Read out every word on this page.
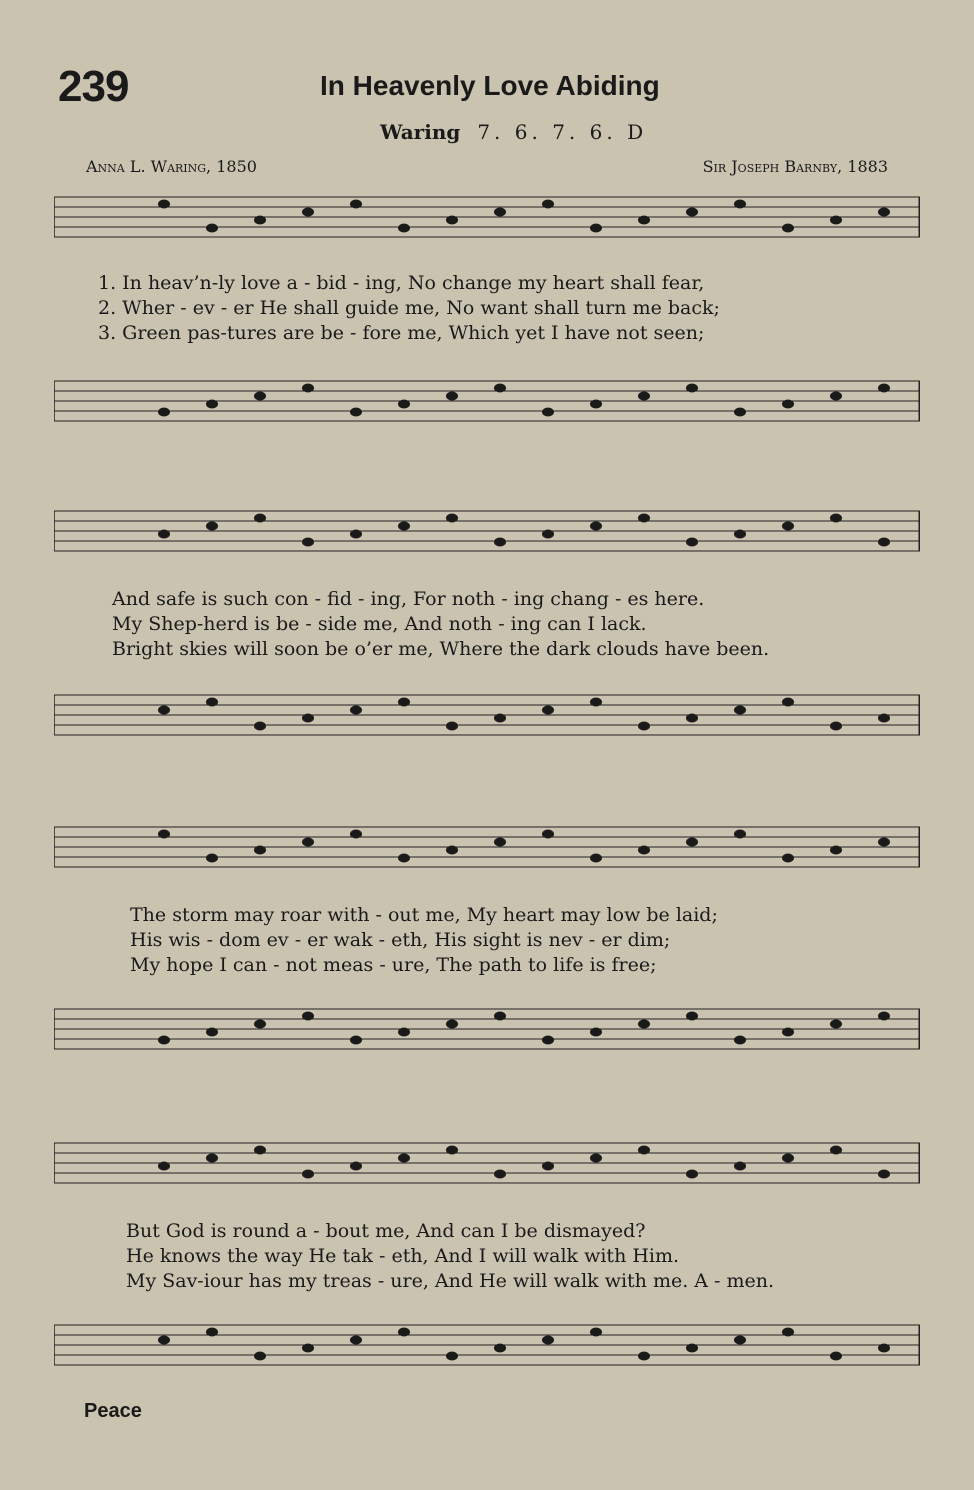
239	In Heavenly Love Abiding
Waring 7. 6. 7. 6. D
Anna L. Waring, 1850	Sir Joseph Barnby, 1883
1. In heav’n-ly love a - bid - ing, No change my heart shall fear,
2. Wher - ev - er He shall guide me, No want shall turn me back;
3. Green pas-tures are be - fore me, Which yet I have not seen;
And safe is such con - fid - ing, For noth - ing chang - es here.
My Shep-herd is be - side me, And noth - ing can I lack.
Bright skies will soon be o’er me, Where the dark clouds have been.
The storm may roar with - out me, My heart may low be laid;
His wis - dom ev - er wak - eth, His sight is nev - er dim;
My hope I can - not meas - ure, The path to life is free;
But God is round a - bout me, And can I be dismayed?
He knows the way He tak - eth, And I will walk with Him.
My Sav-iour has my treas - ure, And He will walk with me. A - men.
Peace
